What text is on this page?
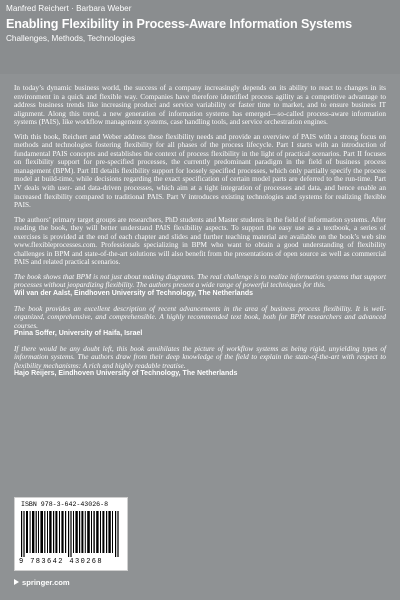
Manfred Reichert · Barbara Weber
Enabling Flexibility in Process-Aware Information Systems
Challenges, Methods, Technologies

In today’s dynamic business world, the success of a company increasingly depends on its ability to react to changes in its environment in a quick and flexible way. Companies have therefore identified process agility as a competitive advantage to address business trends like increasing product and service variability or faster time to market, and to ensure business IT alignment. Along this trend, a new generation of information systems has emerged—so-called process-aware information systems (PAIS), like workflow management systems, case handling tools, and service orchestration engines.

With this book, Reichert and Weber address these flexibility needs and provide an overview of PAIS with a strong focus on methods and technologies fostering flexibility for all phases of the process lifecycle. Part I starts with an introduction of fundamental PAIS concepts and establishes the context of process flexibility in the light of practical scenarios. Part II focuses on flexibility support for pre-specified processes, the currently predominant paradigm in the field of business process management (BPM). Part III details flexibility support for loosely specified processes, which only partially specify the process model at build-time, while decisions regarding the exact specification of certain model parts are deferred to the run-time. Part IV deals with user- and data-driven processes, which aim at a tight integration of processes and data, and hence enable an increased flexibility compared to traditional PAIS. Part V introduces existing technologies and systems for realizing flexible PAIS.

The authors’ primary target groups are researchers, PhD students and Master students in the field of information systems. After reading the book, they will better understand PAIS flexibility aspects. To support the easy use as a textbook, a series of exercises is provided at the end of each chapter and slides and further teaching material are available on the book’s web site www.flexibleprocesses.com. Professionals specializing in BPM who want to obtain a good understanding of flexibility challenges in BPM and state-of-the-art solutions will also benefit from the presentations of open source as well as commercial PAIS and related practical scenarios.

The book shows that BPM is not just about making diagrams. The real challenge is to realize information systems that support processes without jeopardizing flexibility. The authors present a wide range of powerful techniques for this.
Wil van der Aalst, Eindhoven University of Technology, The Netherlands
The book provides an excellent description of recent advancements in the area of business process flexibility. It is well-organized, comprehensive, and comprehensible. A highly recommended text book, both for BPM researchers and advanced courses.
Pnina Soffer, University of Haifa, Israel
If there would be any doubt left, this book annihilates the picture of workflow systems as being rigid, unyielding types of information systems. The authors draw from their deep knowledge of the field to explain the state-of-the-art with respect to flexibility mechanisms: A rich and highly readable treatise.
Hajo Reijers, Eindhoven University of Technology, The Netherlands
ISBN 978-3-642-43026-8
9 783642 430268
springer.com
